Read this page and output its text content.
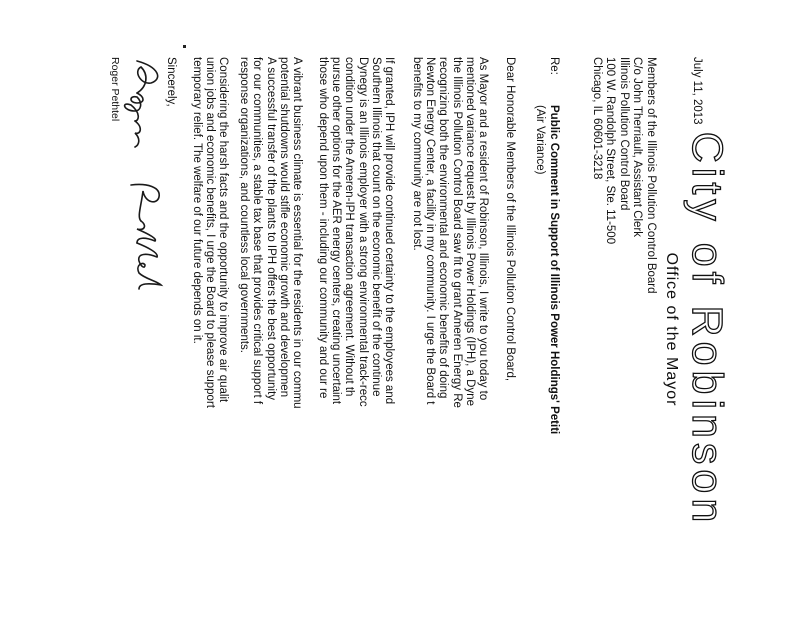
City of Robinson
Office of the Mayor
July 11, 2013
Members of the Illinois Pollution Control Board
C/o John Therriault, Assistant Clerk
Illinois Pollution Control Board
100 W. Randolph Street, Ste. 11-500
Chicago, IL 60601-3218
Re:
Public Comment in Support of Illinois Power Holdings' Petiti
(Air Variance)
Dear Honorable Members of the Illinois Pollution Control Board,
As Mayor and a resident of Robinson, Illinois, I write to you today to
mentioned variance request by Illinois Power Holdings (IPH), a Dyne
the Illinois Pollution Control Board saw fit to grant Ameren Energy Re
recognizing both the environmental and economic benefits of doing
Newton Energy Center, a facility in my community. I urge the Board t
benefits to my community are not lost.
If granted, IPH will provide continued certainty to the employees and
Southern Illinois that count on the economic benefit of the continue
Dynegy is an Illinois employer with a strong environmental track-recc
condition under the Ameren-IPH transaction agreement. Without th
pursue other options for the AER energy centers, creating uncertaint
those who depend upon them - including our community and our re
A vibrant business climate is essential for the residents in our commu
potential shutdowns would stifle economic growth and developmen
A successful transfer of the plants to IPH offers the best opportunity
for our communities, a stable tax base that provides critical support f
response organizations, and countless local governments.
Considering the harsh facts and the opportunity to improve air qualit
union jobs and economic benefits, I urge the Board to please support
temporary relief. The welfare of our future depends on it.
Sincerely,
Roger Pethtel
